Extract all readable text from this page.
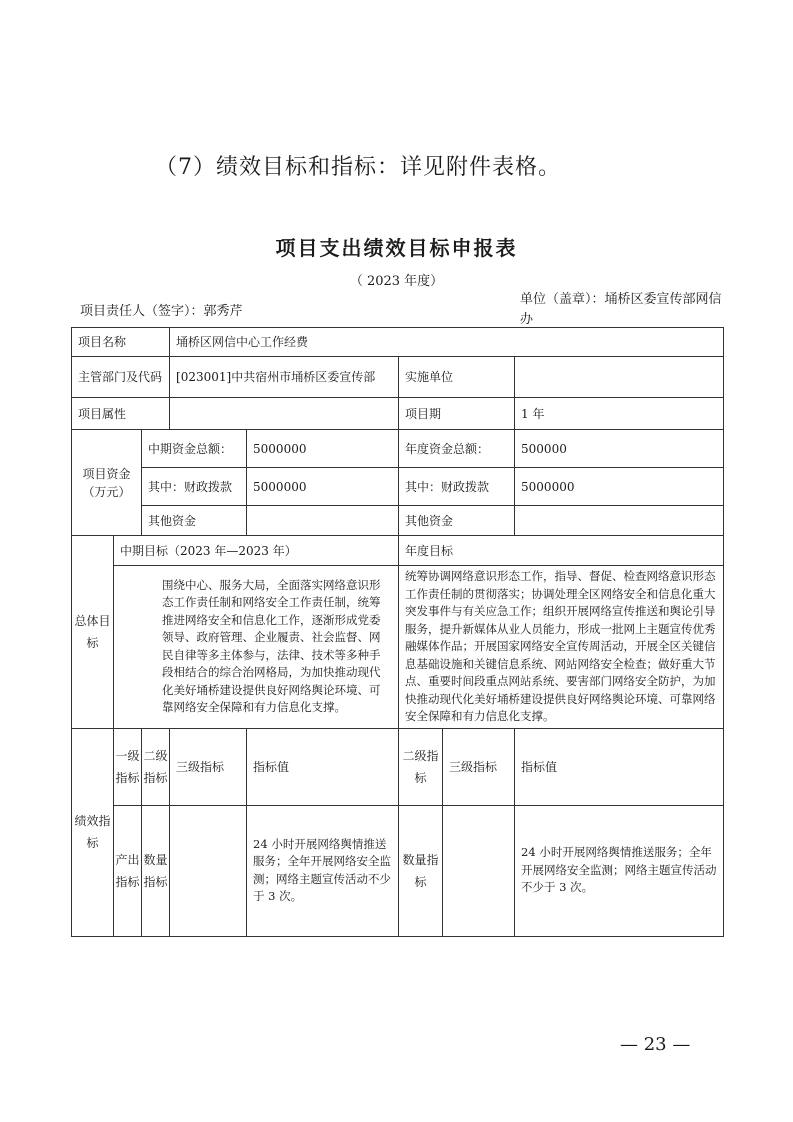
（7）绩效目标和指标：详见附件表格。
项目支出绩效目标申报表
（ 2023 年度）
项目责任人（签字）：郭秀芹
单位（盖章）：埇桥区委宣传部网信办
项目名称			埇桥区网信中心工作经费				
主管部门及代码			[023001]中共宿州市埇桥区委宣传部		实施单位		
项目属性					项目期		1 年
项目资金（万元）		中期资金总额：		5000000	年度资金总额：		500000
		其中：财政拨款		5000000	其中：财政拨款		5000000
		其他资金			其他资金		
总体目标	中期目标（2023 年—2023 年）				年度目标		
	围绕中心、服务大局，全面落实网络意识形态工作责任制和网络安全工作责任制，统筹推进网络安全和信息化工作，逐渐形成党委领导、政府管理、企业履责、社会监督、网民自律等多主体参与，法律、技术等多种手段相结合的综合治网格局，为加快推动现代化美好埇桥建设提供良好网络舆论环境、可靠网络安全保障和有力信息化支撑。				统筹协调网络意识形态工作，指导、督促、检查网络意识形态工作责任制的贯彻落实；协调处理全区网络安全和信息化重大突发事件与有关应急工作；组织开展网络宣传推送和舆论引导服务，提升新媒体从业人员能力，形成一批网上主题宣传优秀融媒体作品；开展国家网络安全宣传周活动，开展全区关键信息基础设施和关键信息系统、网站网络安全检查；做好重大节点、重要时间段重点网站系统、要害部门网络安全防护，为加快推动现代化美好埇桥建设提供良好网络舆论环境、可靠网络安全保障和有力信息化支撑。		
绩效指标	一级指标	二级指标	三级指标	指标值	二级指标	三级指标	指标值
	产出指标	数量指标		24 小时开展网络舆情推送服务；全年开展网络安全监测；网络主题宣传活动不少于 3 次。	数量指标		24 小时开展网络舆情推送服务；全年开展网络安全监测；网络主题宣传活动不少于 3 次。
— 23 —
